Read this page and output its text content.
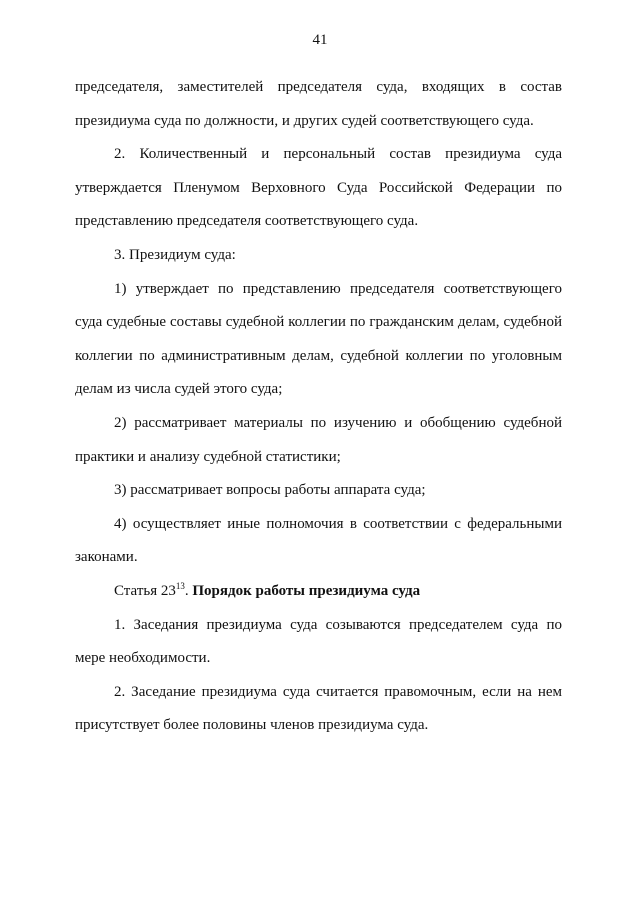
41

председателя, заместителей председателя суда, входящих в состав президиума суда по должности, и других судей соответствующего суда.

2. Количественный и персональный состав президиума суда утверждается Пленумом Верховного Суда Российской Федерации по представлению председателя соответствующего суда.

3. Президиум суда:

1) утверждает по представлению председателя соответствующего суда судебные составы судебной коллегии по гражданским делам, судебной коллегии по административным делам, судебной коллегии по уголовным делам из числа судей этого суда;

2) рассматривает материалы по изучению и обобщению судебной практики и анализу судебной статистики;

3) рассматривает вопросы работы аппарата суда;

4) осуществляет иные полномочия в соответствии с федеральными законами.

Статья $23^{13}$. Порядок работы президиума суда

1. Заседания президиума суда созываются председателем суда по мере необходимости.

2. Заседание президиума суда считается правомочным, если на нем присутствует более половины членов президиума суда.
